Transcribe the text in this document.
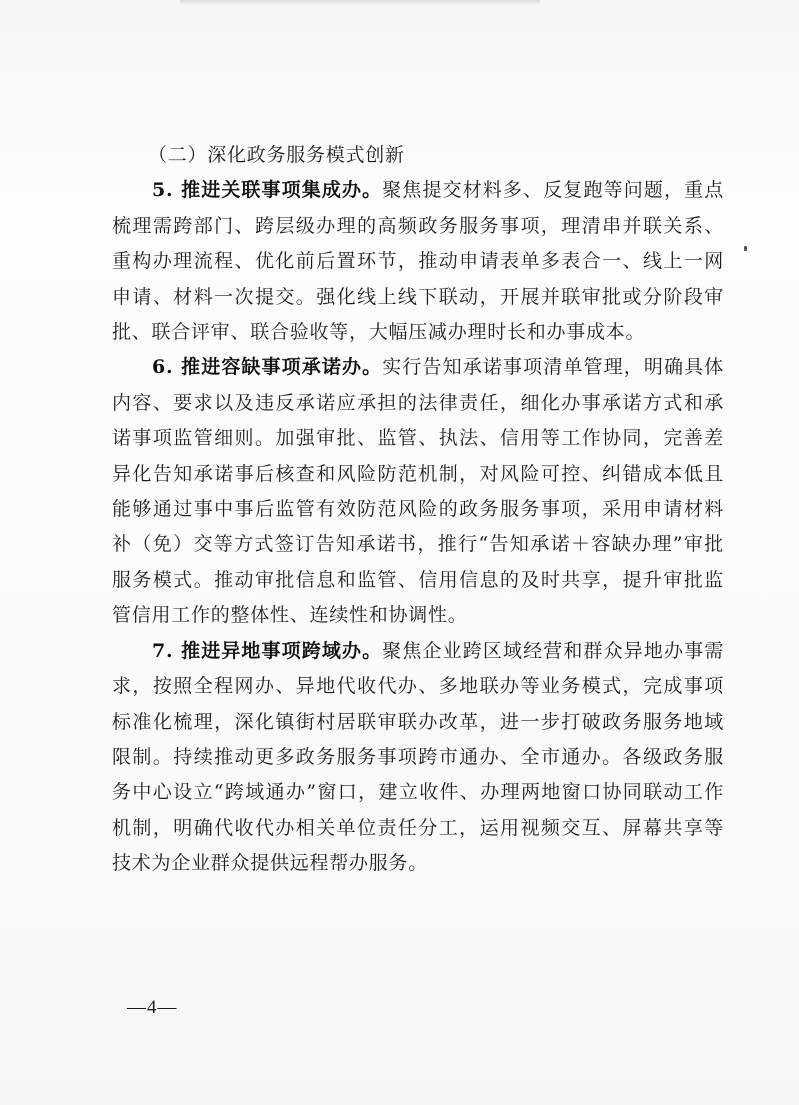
（二）深化政务服务模式创新

5. 推进关联事项集成办。聚焦提交材料多、反复跑等问题，重点梳理需跨部门、跨层级办理的高频政务服务事项，理清串并联关系、重构办理流程、优化前后置环节，推动申请表单多表合一、线上一网申请、材料一次提交。强化线上线下联动，开展并联审批或分阶段审批、联合评审、联合验收等，大幅压减办理时长和办事成本。

6. 推进容缺事项承诺办。实行告知承诺事项清单管理，明确具体内容、要求以及违反承诺应承担的法律责任，细化办事承诺方式和承诺事项监管细则。加强审批、监管、执法、信用等工作协同，完善差异化告知承诺事后核查和风险防范机制，对风险可控、纠错成本低且能够通过事中事后监管有效防范风险的政务服务事项，采用申请材料补（免）交等方式签订告知承诺书，推行“告知承诺＋容缺办理”审批服务模式。推动审批信息和监管、信用信息的及时共享，提升审批监管信用工作的整体性、连续性和协调性。

7. 推进异地事项跨域办。聚焦企业跨区域经营和群众异地办事需求，按照全程网办、异地代收代办、多地联办等业务模式，完成事项标准化梳理，深化镇街村居联审联办改革，进一步打破政务服务地域限制。持续推动更多政务服务事项跨市通办、全市通办。各级政务服务中心设立“跨域通办”窗口，建立收件、办理两地窗口协同联动工作机制，明确代收代办相关单位责任分工，运用视频交互、屏幕共享等技术为企业群众提供远程帮办服务。

—4—
